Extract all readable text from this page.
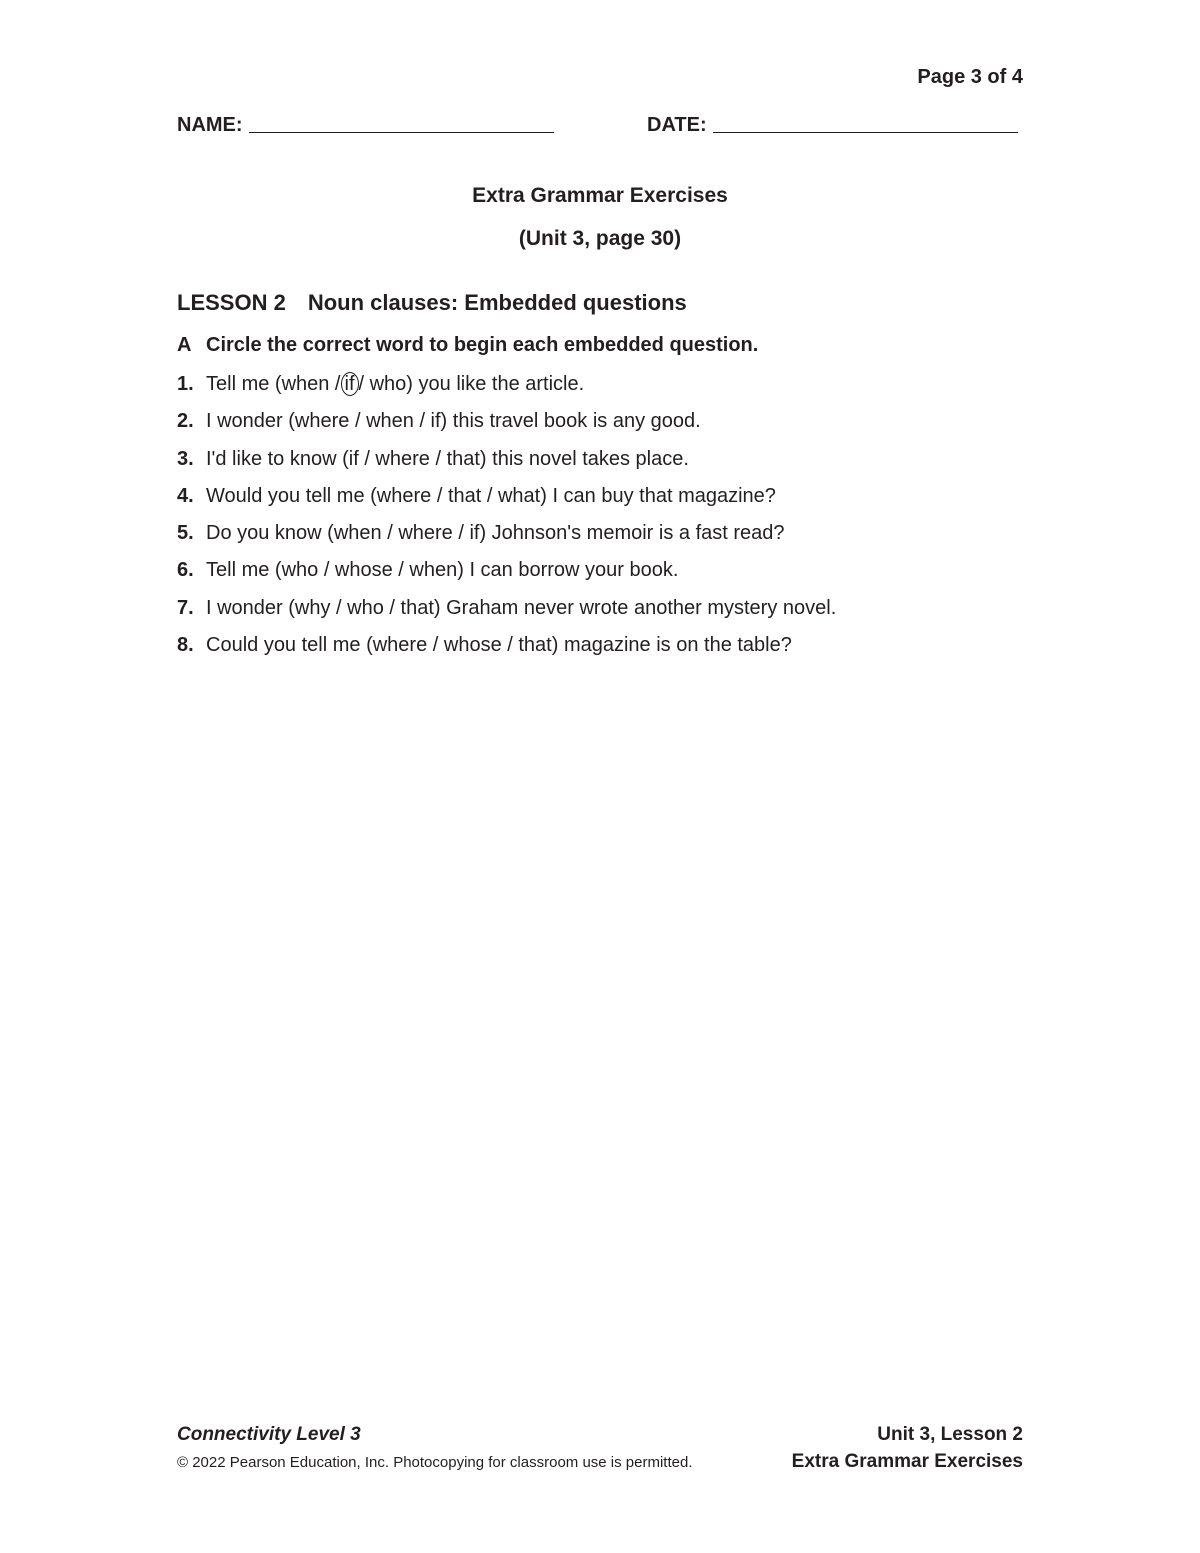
Page 3 of 4
NAME:	DATE:
Extra Grammar Exercises
(Unit 3, page 30)
LESSON 2 Noun clauses: Embedded questions
A Circle the correct word to begin each embedded question.
1. Tell me (when / if / who) you like the article.
2. I wonder (where / when / if) this travel book is any good.
3. I'd like to know (if / where / that) this novel takes place.
4. Would you tell me (where / that / what) I can buy that magazine?
5. Do you know (when / where / if) Johnson's memoir is a fast read?
6. Tell me (who / whose / when) I can borrow your book.
7. I wonder (why / who / that) Graham never wrote another mystery novel.
8. Could you tell me (where / whose / that) magazine is on the table?
Connectivity Level 3
© 2022 Pearson Education, Inc. Photocopying for classroom use is permitted.
Unit 3, Lesson 2
Extra Grammar Exercises
